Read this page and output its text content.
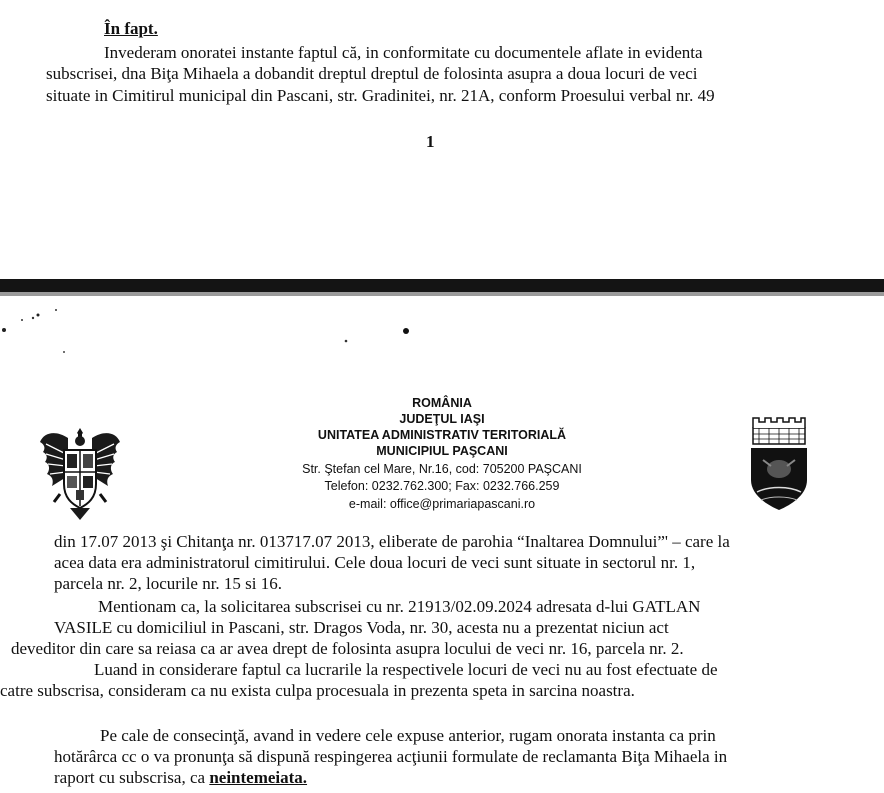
În fapt.
Invederam onoratei instante faptul că, in conformitate cu documentele aflate in evidenta
subscrisei, dna Biţa Mihaela a dobandit dreptul dreptul de folosinta asupra a doua locuri de veci
situate in Cimitirul municipal din Pascani, str. Gradinitei, nr. 21A, conform Proesului verbal nr. 49
1
ROMÂNIA
JUDEŢUL IAŞI
UNITATEA ADMINISTRATIV TERITORIALĂ
MUNICIPIUL PAŞCANI
Str. Ştefan cel Mare, Nr.16, cod: 705200 PAŞCANI
Telefon: 0232.762.300; Fax: 0232.766.259
e-mail: office@primariapascani.ro
din 17.07 2013 şi Chitanţa nr. 013717.07 2013, eliberate de parohia “Inaltarea Domnului”' – care la
acea data era administratorul cimitirului. Cele doua locuri de veci sunt situate in sectorul nr. 1,
parcela nr. 2, locurile nr. 15 si 16.
Mentionam ca, la solicitarea subscrisei cu nr. 21913/02.09.2024 adresata d-lui GATLAN
VASILE cu domiciliul in Pascani, str. Dragos Voda, nr. 30, acesta nu a prezentat niciun act
deveditor din care sa reiasa ca ar avea drept de folosinta asupra locului de veci nr. 16, parcela nr. 2.
Luand in considerare faptul ca lucrarile la respectivele locuri de veci nu au fost efectuate de
catre subscrisa, consideram ca nu exista culpa procesuala in prezenta speta in sarcina noastra.
Pe cale de consecinţă, avand in vedere cele expuse anterior, rugam onorata instanta ca prin
hotărârca cc o va pronunţa să dispună respingerea acţiunii formulate de reclamanta Biţa Mihaela in
raport cu subscrisa, ca neintemeiata.
